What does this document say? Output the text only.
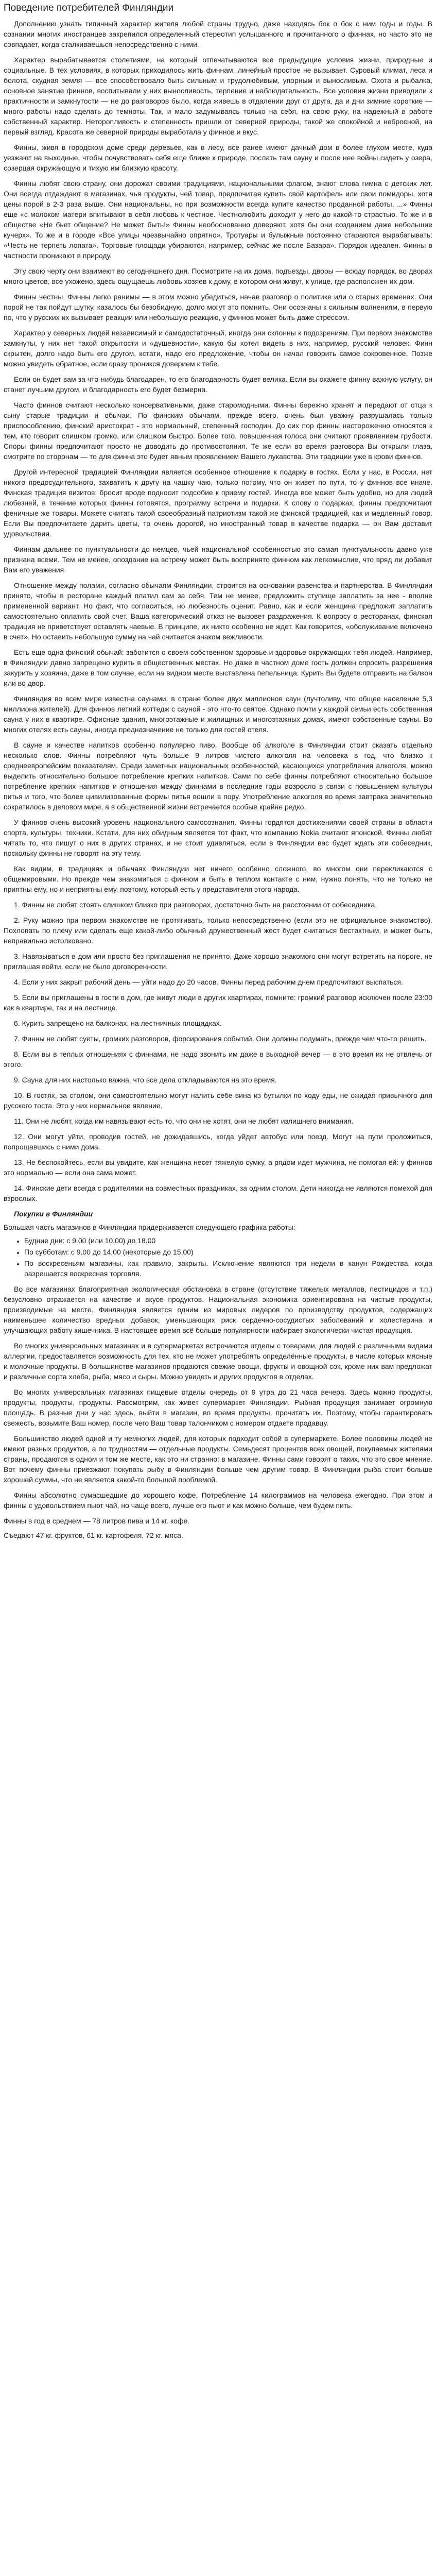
Поведение потребителей Финляндии

Дополнению узнать типичный характер жителя любой страны трудно, даже находясь бок о бок с ним годы и годы. В сознании многих иностранцев закрепился определенный стереотип услышанного и прочитанного о финнах, но часто это не совпадает, когда сталкиваешься непосредственно с ними.

Характер вырабатывается столетиями, на который отпечатываются все предыдущие условия жизни, природные и социальные. В тех условиях, в которых приходилось жить финнам, линейный простое не вызывает. Суровый климат, леса и болота, скудная земля — все способствовало быть сильным и трудолюбивым, упорным и выносливым. Охота и рыбалка, основное занятие финнов, воспитывали у них выносливость, терпение и наблюдательность. Все условия жизни приводили к практичности и замкнутости — не до разговоров было, когда живешь в отдалении друг от друга, да и дни зимние короткие — много работы надо сделать до темноты. Так, и мало задумываясь только на себя, на свою руку, на надежный в работе собственный характер. Неторопливость и степенность пришли от северной природы, такой же спокойной и небросной, на первый взгляд. Красота же северной природы выработала у финнов и вкус.

Финны, живя в городском доме среди деревьев, как в лесу, все ранее имеют дачный дом в более глухом месте, куда уезжают на выходные, чтобы почувствовать себя еще ближе к природе, послать там сауну и после нее войны сидеть у озера, созерцая окружающую и тихую им близкую красоту.

Финны любят свою страну, они дорожат своими традициями, национальными флагом, знают слова гимна с детских лет. Они всегда отдаждают в магазинах, чья продукты, чей товар, предпочитая купить свой картофель или свои помидоры, хотя цены порой в 2-3 раза выше. Они национальны, но при возможности всегда купите качество проданной работы. ...» Финны еще «с молоком матери впитывают в себя любовь к честное. Честнолюбить доходит у него до какой-то страстью. То же и в обществе «Не бьет общение? Не может быть!» Финны необоснованно доверяют, хотя бы они созданием даже небольшие кучерх». То же и в городе «Все улицы чрезвычайно опрятно». Тротуары и булыжные постоянно стараются вырабатывать: «Честь не терпеть лопата». Торговые площади убираются, например, сейчас же после Базара». Порядок идеален. Финны в частности проникают в природу.

Эту свою черту они взаимеют во сегодняшнего дня. Посмотрите на их дома, подъезды, дворы — всюду порядок, во дворах много цветов, все ухожено, здесь ощущаешь любовь хозяев к дому, в котором они живут, к улице, где расположен их дом.

Финны честны. Финны легко ранимы — в этом можно убедиться, начав разговор о политике или о старых временах. Они порой не так пойдут шутку, казалось бы безобидную, долго могут это помнить. Они осознаны к сильным волнениям, в первую по, что у русских их вызывает реакции или небольшую реакцию, у финнов может быть даже стрессом.

Характер у северных людей независимый и самодостаточный, иногда они склонны к подозрениям. При первом знакомстве замкнуты, у них нет такой открытости и «душевности», какую бы хотел видеть в них, например, русский человек. Финн скрытен, долго надо быть его другом, кстати, надо его предложение, чтобы он начал говорить самое сокровенное. Позже можно увидеть обратное, если сразу проникся доверием к тебе.

Если он будет вам за что-нибудь благодарен, то его благодарность будет велика. Если вы окажете финну важную услугу, он станет лучшим другом, и благодарность его будет безмерна.

Часто финнов считают несколько консервативными, даже старомодными. Финны бережно хранят и передают от отца к сыну старые традиции и обычаи. По финским обычаям, прежде всего, очень был уважну разрушалась только приспособлению, финский аристократ - это нормальный, степенный господин. До сих пор финны настороженно относятся к тем, кто говорит слишком громко, или слишком быстро. Более того, повышенная голоса они считают проявлением грубости. Споры финны предпочитают просто не доводить до противостояния. Те же если во время разговора Вы открыли глаза, смотрите по сторонам — то для финна это будет явным проявлением Вашего лукавства. Эти традиции уже в крови финнов.

Другой интересной традицией Финляндии является особенное отношение к подарку в гостях. Если у нас, в России, нет никого предосудительного, захватить к другу на чашку чаю, только потому, что он живет по пути, то у финнов все иначе. Финская традиция визитов: бросит вроде подносит подсобие к приему гостей. Иногда все может быть удобно, но для людей любезней, в течение которых финны готовятся, программу встречи и подарки. К слову о подарках, финны предпочитают феничные же товары. Можете считать такой своеобразный патриотизм такой же финской традицией, как и медленный говор. Если Вы предпочитаете дарить цветы, то очень дорогой, но иностранный товар в качестве подарка — он Вам доставит удовольствия.

Финнам дальнее по пунктуальности до немцев, чьей национальной особенностью это самая пунктуальность давно уже признана всеми. Тем не менее, опоздание на встречу может быть воспринято финном как легкомыслие, что вряд ли добавит Вам его уважения.

Отношение между полами, согласно обычаям Финляндии, строится на основании равенства и партнерства. В Финляндии принято, чтобы в ресторане каждый платил сам за себя. Тем не менее, предложить ступище заплатить за нее - вполне примененной вариант. Но факт, что согласиться, но любезность оценит. Равно, как и если женщина предложит заплатить самостоятельно оплатить свой счет. Ваша категорический отказ не вызовет раздражения. К вопросу о ресторанах, финская традиция не приветствует оставлять чаевые. В принципе, их никто особенно не ждет. Как говорится, «обслуживание включено в счет». Но оставить небольшую сумму на чай считается знаком вежливости.

Есть еще одна финский обычай: заботится о своем собственном здоровье и здоровье окружающих тебя людей. Например, в Финляндии давно запрещено курить в общественных местах. Но даже в частном доме гость должен спросить разрешения закурить у хозяина, даже в том случае, если на видном месте выставлена пепельница. Курить Вы будете отправить на балкон или во двор.

Финляндия во всем мире известна саунами, в стране более двух миллионов саун (лучтоливу, что общее население 5,3 миллиона жителей). Для финнов летний коттедж с сауной - это что-то святое. Однако почти у каждой семьи есть собственная сауна у них в квартире. Офисные здания, многоэтажные и жилищных и многоэтажных домах, имеют собственные сауны. Во многих отелях есть сауны, иногда предназначение не только для гостей отеля.

В сауне и качестве напитков особенно популярно пиво. Вообще об алкоголе в Финляндии стоит сказать отдельно несколько слов. Финны потребляют чуть больше 9 литров чистого алкоголя на человека в год, что близко к среднеевропейским показателям. Среди заметных национальных особенностей, касающихся употребления алкоголя, можно выделить относительно большое потребление крепких напитков. Сами по себе финны потребляют относительно большое потребление крепких напитков и отношения между финнами в последние годы возросло в связи с повышением культуры питья и того, что более цивилизованные формы питья вошли в пору. Употребление алкоголя во время завтрака значительно сократилось в деловом мире, а в общественной жизни встречается особые крайне редко.

У финнов очень высокий уровень национального самосознания. Финны гордятся достижениями своей страны в области спорта, культуры, техники. Кстати, для них обидным является тот факт, что компанию Nokia считают японской. Финны любят читать то, что пишут о них в других странах, и не стоит удивляться, если в Финляндии вас будет ждать эти собеседник, поскольку финны не говорят на эту тему.

Как видим, в традициях и обычаях Финляндии нет ничего особенно сложного, во многом они перекликаются с общемировыми. Но прежде чем знакомиться с финном и быть в теплом контакте с ним, нужно понять, что не только не приятны ему, но и неприятны ему, поэтому, который есть у представителя этого народа.

1. Финны не любят стоять слишком близко при разговорах, достаточно быть на расстоянии от собеседника.
2. Руку можно при первом знакомстве не протягивать, только непосредственно (если это не официальное знакомство). Похлопать по плечу или сделать еще какой-либо обычный дружественный жест будет считаться бестактным, и может быть, неправильно истолковано.
3. Навязываться в дом или просто без приглашения не принято. Даже хорошо знакомого они могут встретить на пороге, не приглашая войти, если не было договоренности.
4. Если у них закрыт рабочий день — уйти надо до 20 часов. Финны перед рабочим днем предпочитают выспаться.
5. Если вы приглашены в гости в дом, где живут люди в других квартирах, помните: громкий разговор исключен после 23:00 как в квартире, так и на лестнице.
6. Курить запрещено на балконах, на лестничных площадках.
7. Финны не любят суеты, громких разговоров, форсирования событий. Они должны подумать, прежде чем что-то решить.
8. Если вы в теплых отношениях с финнами, не надо звонить им даже в выходной вечер — в это время их не отвлечь от этого.
9. Сауна для них настолько важна, что все дела откладываются на это время.
10. В гостях, за столом, они самостоятельно могут налить себе вина из бутылки по ходу еды, не ожидая привычного для русского тоста. Это у них нормальное явление.
11. Они не любят, когда им навязывают есть то, что они не хотят, они не любят излишнего внимания.
12. Они могут уйти, проводив гостей, не дожидавшись, когда уйдет автобус или поезд. Могут на пути проложиться, попрощавшись с ними дома.
13. Не беспокойтесь, если вы увидите, как женщина несет тяжелую сумку, а рядом идет мужчина, не помогая ей: у финнов это нормально — если она сама может.
14. Финские дети всегда с родителями на совместных праздниках, за одним столом. Дети никогда не являются помехой для взрослых.
Покупки в Финляндии

Большая часть магазинов в Финляндии придерживается следующего графика работы:

• Будние дни: с 9.00 (или 10.00) до 18.00
• По субботам: с 9.00 до 14.00 (некоторые до 15.00)
• По воскресеньям магазины, как правило, закрыты. Исключение являются три недели в канун Рождества, когда разрешается воскресная торговля.

Во все магазинах благоприятная экологическая обстановка в стране (отсутствие тяжелых металлов, пестицидов и т.п.) безусловно отражается на качестве и вкусе продуктов. Национальная экономика ориентирована на чистые продукты, производимые на месте. Финляндия является одним из мировых лидеров по производству продуктов, содержащих наименьшее количество вредных добавок, уменьшающих риск сердечно-сосудистых заболеваний и холестерина и улучшающих работу кишечника. В настоящее время всё больше популярности набирает экологически чистая продукция.

Во многих универсальных магазинах и в супермаркетах встречаются отделы с товарами, для людей с различными видами аллергии, предоставляется возможность для тех, кто не может употреблять определённые продукты, в числе которых мясные и молочные продукты. В большинстве магазинов продаются свежие овощи, фрукты и овощной сок, кроме них вам предложат и различные сорта хлеба, рыба, мясо и сыры. Можно увидеть и других продуктов в отделах.

Во многих универсальных магазинах пищевые отделы очередь от 9 утра до 21 часа вечера. Здесь можно продукты, продукты, продукты, продукты. Рассмотрим, как живет супермаркет Финляндии. Рыбная продукция занимает огромную площадь. В разные дни у нас здесь, выйти в магазин, во время продукты, прочитать их. Поэтому, чтобы гарантировать свежесть, возьмите Ваш номер, после чего Ваш товар талончиком с номером отдаете продавцу.

Большинство людей одной и ту немногих людей, для которых подходит собой в супермаркете. Более половины людей не имеют разных продуктов, а по трудностям — отдельные продукты. Семьдесят процентов всех овощей, покупаемых жителями страны, продаются в одном и том же месте, как это ни странно: в магазине. Финны сами говорят о таких, что это свое мнение. Вот почему финны приезжают покупать рыбу в Финляндии больше чем другим товар. В Финляндии рыба стоит больше хорошей суммы, что не является какой-то большой проблемой.

Финны абсолютно сумасшедшие до хорошего кофе. Потребление 14 килограммов на человека ежегодно. При этом и финны с удовольствием пьют чай, но чаще всего, лучше его пьют и как можно больше, чем будем пить.

Финны в год в среднем — 78 литров пива и 14 кг. кофе.

Съедают 47 кг. фруктов, 61 кг. картофеля, 72 кг. мяса.
